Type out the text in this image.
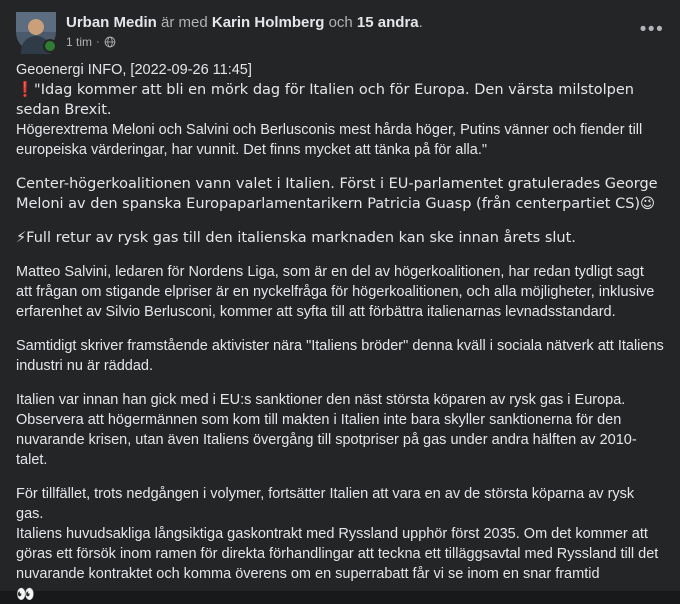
Urban Medin är med Karin Holmberg och 15 andra.
1 tim ·
•••

Geoenergi INFO, [2022-09-26 11:45]

❗"Idag kommer att bli en mörk dag för Italien och för Europa. Den värsta milstolpen sedan Brexit.

Högerextrema Meloni och Salvini och Berlusconis mest hårda höger, Putins vänner och fiender till europeiska värderingar, har vunnit. Det finns mycket att tänka på för alla."

Center-högerkoalitionen vann valet i Italien. Först i EU-parlamentet gratulerades George Meloni av den spanska Europaparlamentarikern Patricia Guasp (från centerpartiet CS)😉

⚡Full retur av rysk gas till den italienska marknaden kan ske innan årets slut.

Matteo Salvini, ledaren för Nordens Liga, som är en del av högerkoalitionen, har redan tydligt sagt att frågan om stigande elpriser är en nyckelfråga för högerkoalitionen, och alla möjligheter, inklusive erfarenhet av Silvio Berlusconi, kommer att syfta till att förbättra italienarnas levnadsstandard.

Samtidigt skriver framstående aktivister nära "Italiens bröder" denna kväll i sociala nätverk att Italiens industri nu är räddad.

Italien var innan han gick med i EU:s sanktioner den näst största köparen av rysk gas i Europa. Observera att högermännen som kom till makten i Italien inte bara skyller sanktionerna för den nuvarande krisen, utan även Italiens övergång till spotpriser på gas under andra hälften av 2010-talet.

För tillfället, trots nedgången i volymer, fortsätter Italien att vara en av de största köparna av rysk gas.

Italiens huvudsakliga långsiktiga gaskontrakt med Ryssland upphör först 2035. Om det kommer att göras ett försök inom ramen för direkta förhandlingar att teckna ett tilläggsavtal med Ryssland till det nuvarande kontraktet och komma överens om en superrabatt får vi se inom en snar framtid

👀
